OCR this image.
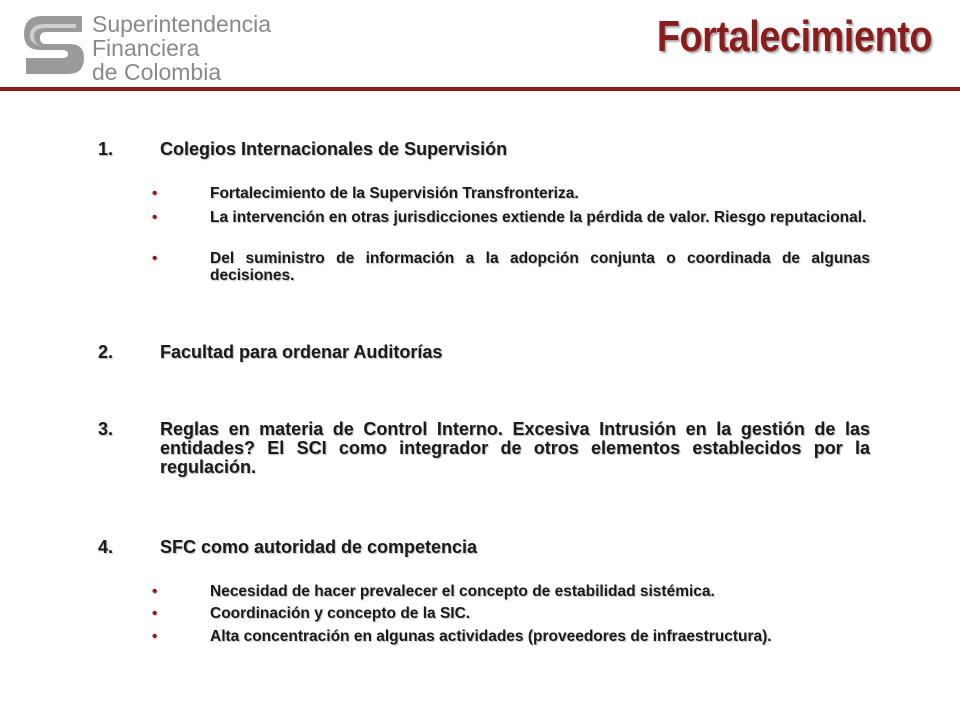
Superintendencia
Financiera
de Colombia
Fortalecimiento
1.	Colegios Internacionales de Supervisión
•	Fortalecimiento de la Supervisión Transfronteriza.
•	La intervención en otras jurisdicciones extiende la pérdida de valor. Riesgo reputacional.
•	Del suministro de información a la adopción conjunta o coordinada de algunas decisiones.
2.	Facultad para ordenar Auditorías
3.	Reglas en materia de Control Interno. Excesiva Intrusión en la gestión de las entidades? El SCI como integrador de otros elementos establecidos por la regulación.
4.	SFC como autoridad de competencia
•	Necesidad de hacer prevalecer el concepto de estabilidad sistémica.
•	Coordinación y concepto de la SIC.
•	Alta concentración en algunas actividades (proveedores de infraestructura).
